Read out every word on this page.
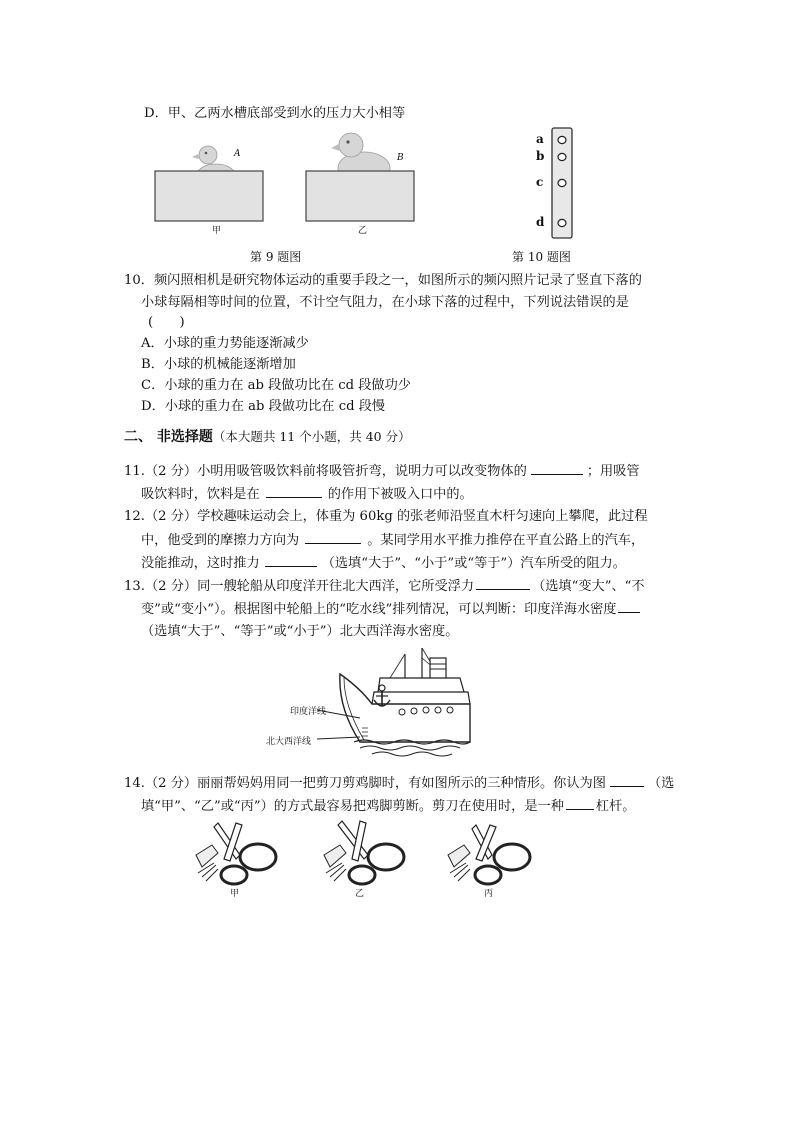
D．甲、乙两水槽底部受到水的压力大小相等
A	B
甲	乙
第 9 题图
a
b
c
d
第 10 题图
10．频闪照相机是研究物体运动的重要手段之一，如图所示的频闪照片记录了竖直下落的
小球每隔相等时间的位置，不计空气阻力，在小球下落的过程中，下列说法错误的是
(　　)
A．小球的重力势能逐渐减少
B．小球的机械能逐渐增加
C．小球的重力在 ab 段做功比在 cd 段做功少
D．小球的重力在 ab 段做功比在 cd 段慢
二、 非选择题（本大题共 11 个小题，共 40 分）
11.（2 分）小明用吸管吸饮料前将吸管折弯，说明力可以改变物体的	；用吸管
吸饮料时，饮料是在	的作用下被吸入口中的。
12.（2 分）学校趣味运动会上，体重为 60kg 的张老师沿竖直木杆匀速向上攀爬，此过程
中，他受到的摩擦力方向为	。某同学用水平推力推停在平直公路上的汽车，
没能推动，这时推力	（选填“大于”、“小于”或“等于”）汽车所受的阻力。
13.（2 分）同一艘轮船从印度洋开往北大西洋，它所受浮力	（选填“变大”、“不
变”或“变小”）。根据图中轮船上的“吃水线”排列情况，可以判断：印度洋海水密度
（选填“大于”、“等于”或“小于”）北大西洋海水密度。
印度洋线
北大西洋线
14.（2 分）丽丽帮妈妈用同一把剪刀剪鸡脚时，有如图所示的三种情形。你认为图	（选
填“甲”、“乙”或“丙”）的方式最容易把鸡脚剪断。剪刀在使用时，是一种 杠杆。
甲	乙	丙
